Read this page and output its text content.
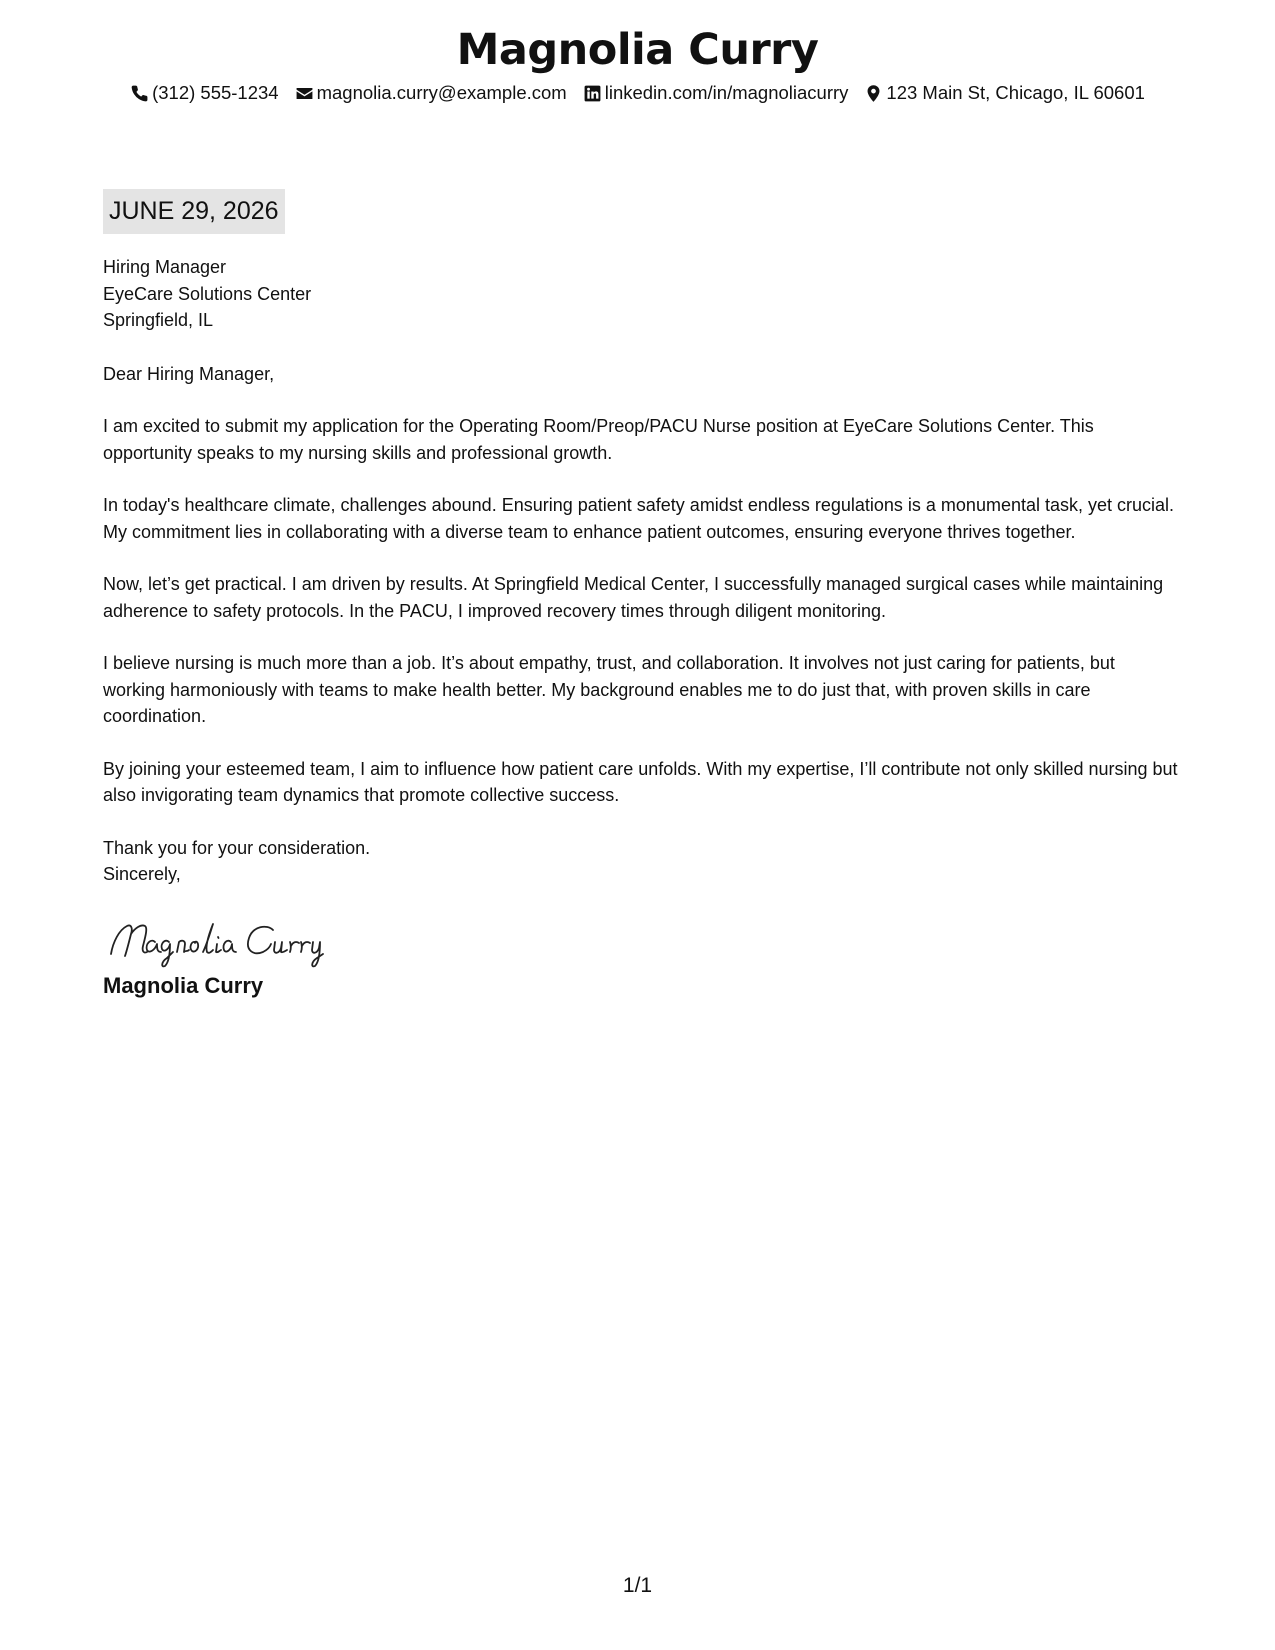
Magnolia Curry
(312) 555-1234 magnolia.curry@example.com linkedin.com/in/magnoliacurry 123 Main St, Chicago, IL 60601
JUNE 29, 2026

Hiring Manager

EyeCare Solutions Center

Springfield, IL

Dear Hiring Manager,

I am excited to submit my application for the Operating Room/Preop/PACU Nurse position at EyeCare Solutions Center. This opportunity speaks to my nursing skills and professional growth.

In today's healthcare climate, challenges abound. Ensuring patient safety amidst endless regulations is a monumental task, yet crucial. My commitment lies in collaborating with a diverse team to enhance patient outcomes, ensuring everyone thrives together.

Now, let’s get practical. I am driven by results. At Springfield Medical Center, I successfully managed surgical cases while maintaining adherence to safety protocols. In the PACU, I improved recovery times through diligent monitoring.

I believe nursing is much more than a job. It’s about empathy, trust, and collaboration. It involves not just caring for patients, but working harmoniously with teams to make health better. My background enables me to do just that, with proven skills in care coordination.

By joining your esteemed team, I aim to influence how patient care unfolds. With my expertise, I’ll contribute not only skilled nursing but also invigorating team dynamics that promote collective success.

Thank you for your consideration.

Sincerely,

Magnolia Curry

1/1
